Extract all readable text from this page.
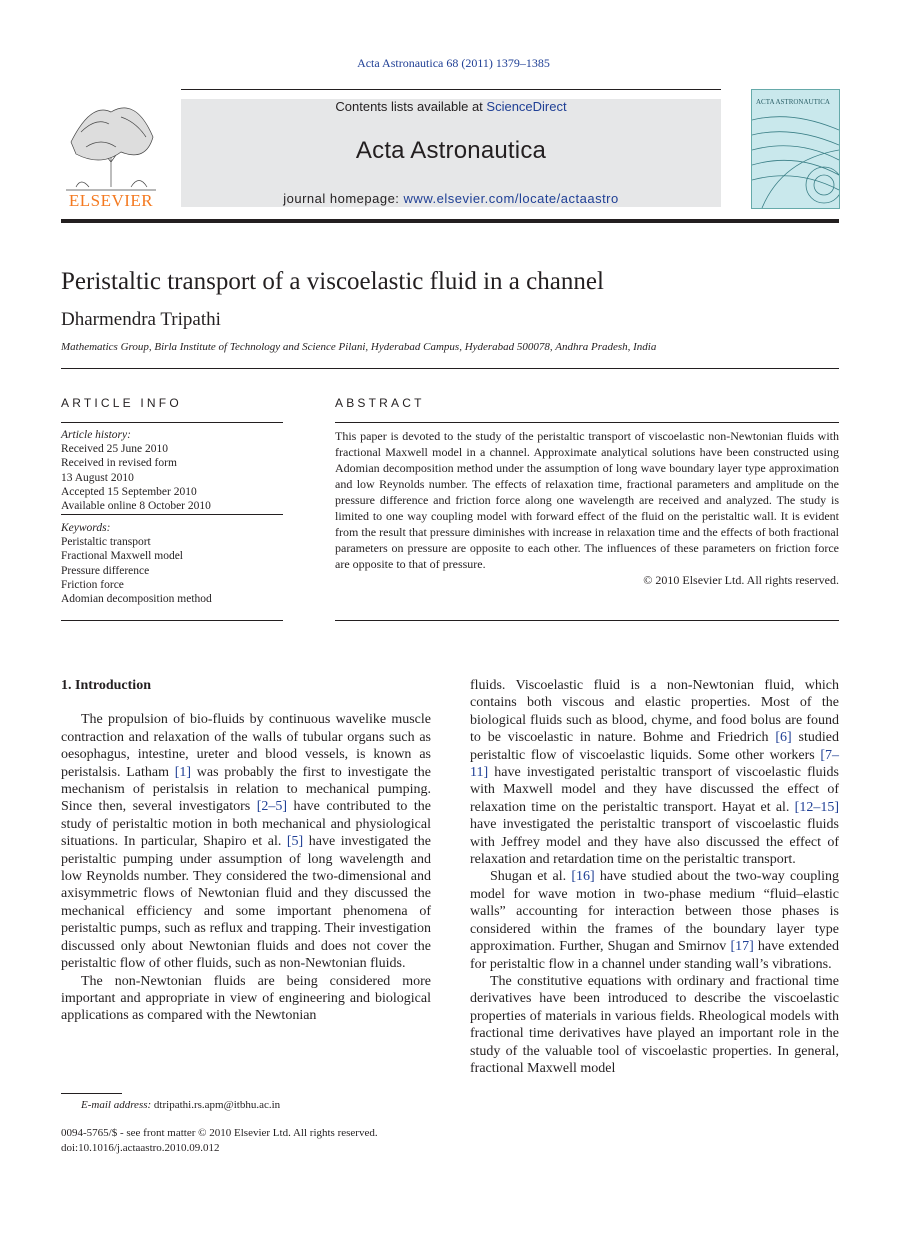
Acta Astronautica 68 (2011) 1379–1385
ELSEVIER
Contents lists available at ScienceDirect
Acta Astronautica
journal homepage: www.elsevier.com/locate/actaastro
ACTA ASTRONAUTICA
Peristaltic transport of a viscoelastic fluid in a channel
Dharmendra Tripathi
Mathematics Group, Birla Institute of Technology and Science Pilani, Hyderabad Campus, Hyderabad 500078, Andhra Pradesh, India
ARTICLE INFO	ABSTRACT
Article history:
Received 25 June 2010
Received in revised form
13 August 2010
Accepted 15 September 2010
Available online 8 October 2010
Keywords:
Peristaltic transport
Fractional Maxwell model
Pressure difference
Friction force
Adomian decomposition method
This paper is devoted to the study of the peristaltic transport of viscoelastic non-Newtonian fluids with fractional Maxwell model in a channel. Approximate analytical solutions have been constructed using Adomian decomposition method under the assumption of long wave boundary layer type approximation and low Reynolds number. The effects of relaxation time, fractional parameters and amplitude on the pressure difference and friction force along one wavelength are received and analyzed. The study is limited to one way coupling model with forward effect of the fluid on the peristaltic wall. It is evident from the result that pressure diminishes with increase in relaxation time and the effects of both fractional parameters on pressure are opposite to each other. The influences of these parameters on friction force are opposite to that of pressure.
© 2010 Elsevier Ltd. All rights reserved.
1. Introduction

The propulsion of bio-fluids by continuous wavelike muscle contraction and relaxation of the walls of tubular organs such as oesophagus, intestine, ureter and blood vessels, is known as peristalsis. Latham [1] was probably the first to investigate the mechanism of peristalsis in relation to mechanical pumping. Since then, several investigators [2–5] have contributed to the study of peristaltic motion in both mechanical and physiological situations. In particular, Shapiro et al. [5] have investigated the peristaltic pumping under assumption of long wavelength and low Reynolds number. They considered the two-dimensional and axisymmetric flows of Newtonian fluid and they discussed the mechanical efficiency and some important phenomena of peristaltic pumps, such as reflux and trapping. Their investigation discussed only about Newtonian fluids and does not cover the peristaltic flow of other fluids, such as non-Newtonian fluids.

The non-Newtonian fluids are being considered more important and appropriate in view of engineering and biological applications as compared with the Newtonian

fluids. Viscoelastic fluid is a non-Newtonian fluid, which contains both viscous and elastic properties. Most of the biological fluids such as blood, chyme, and food bolus are found to be viscoelastic in nature. Bohme and Friedrich [6] studied peristaltic flow of viscoelastic liquids. Some other workers [7–11] have investigated peristaltic transport of viscoelastic fluids with Maxwell model and they have discussed the effect of relaxation time on the peristaltic transport. Hayat et al. [12–15] have investigated the peristaltic transport of viscoelastic fluids with Jeffrey model and they have also discussed the effect of relaxation and retardation time on the peristaltic transport.

Shugan et al. [16] have studied about the two-way coupling model for wave motion in two-phase medium “fluid–elastic walls” accounting for interaction between those phases is considered within the frames of the boundary layer type approximation. Further, Shugan and Smirnov [17] have extended for peristaltic flow in a channel under standing wall’s vibrations.

The constitutive equations with ordinary and fractional time derivatives have been introduced to describe the viscoelastic properties of materials in various fields. Rheological models with fractional time derivatives have played an important role in the study of the valuable tool of viscoelastic properties. In general, fractional Maxwell model

E-mail address: dtripathi.rs.apm@itbhu.ac.in
0094-5765/$ - see front matter © 2010 Elsevier Ltd. All rights reserved.
doi:10.1016/j.actaastro.2010.09.012
